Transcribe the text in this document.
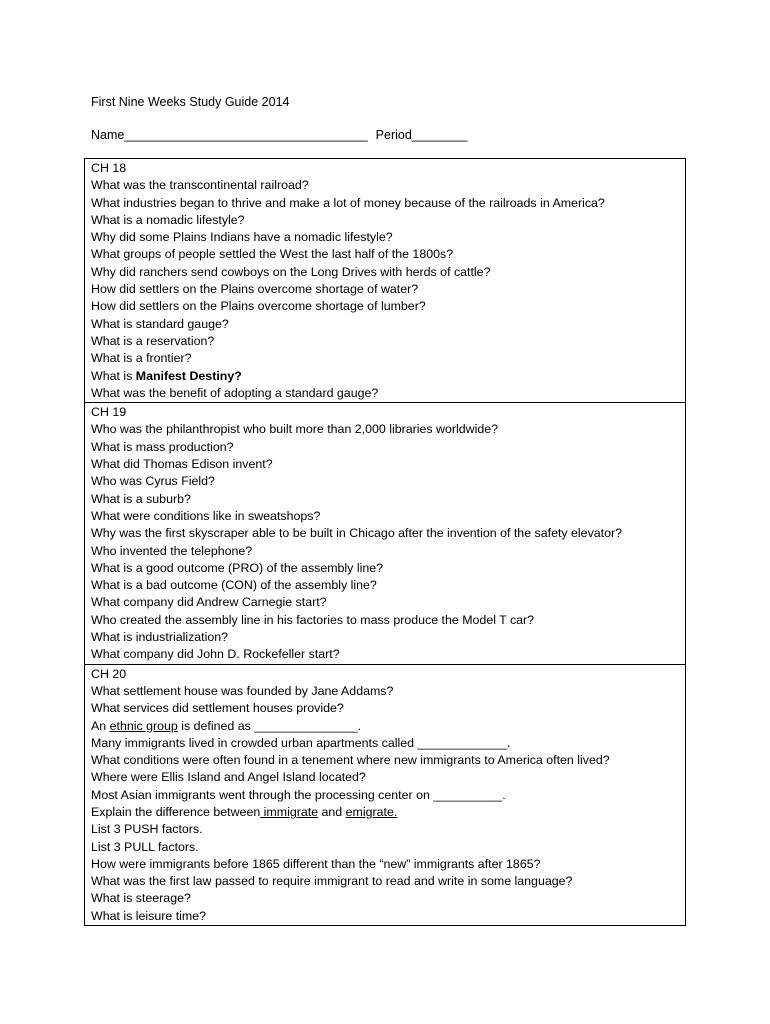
First Nine Weeks Study Guide 2014
Name___________________________________ Period________
CH 18
What was the transcontinental railroad?
What industries began to thrive and make a lot of money because of the railroads in America?
What is a nomadic lifestyle?
Why did some Plains Indians have a nomadic lifestyle?
What groups of people settled the West the last half of the 1800s?
Why did ranchers send cowboys on the Long Drives with herds of cattle?
How did settlers on the Plains overcome shortage of water?
How did settlers on the Plains overcome shortage of lumber?
What is standard gauge?
What is a reservation?
What is a frontier?
What is Manifest Destiny?
What was the benefit of adopting a standard gauge?
CH 19
Who was the philanthropist who built more than 2,000 libraries worldwide?
What is mass production?
What did Thomas Edison invent?
Who was Cyrus Field?
What is a suburb?
What were conditions like in sweatshops?
Why was the first skyscraper able to be built in Chicago after the invention of the safety elevator?
Who invented the telephone?
What is a good outcome (PRO) of the assembly line?
What is a bad outcome (CON) of the assembly line?
What company did Andrew Carnegie start?
Who created the assembly line in his factories to mass produce the Model T car?
What is industrialization?
What company did John D. Rockefeller start?
CH 20
What settlement house was founded by Jane Addams?
What services did settlement houses provide?
An ethnic group is defined as _______________.
Many immigrants lived in crowded urban apartments called _____________.
What conditions were often found in a tenement where new immigrants to America often lived?
Where were Ellis Island and Angel Island located?
Most Asian immigrants went through the processing center on __________.
Explain the difference between immigrate and emigrate.
List 3 PUSH factors.
List 3 PULL factors.
How were immigrants before 1865 different than the “new” immigrants after 1865?
What was the first law passed to require immigrant to read and write in some language?
What is steerage?
What is leisure time?
